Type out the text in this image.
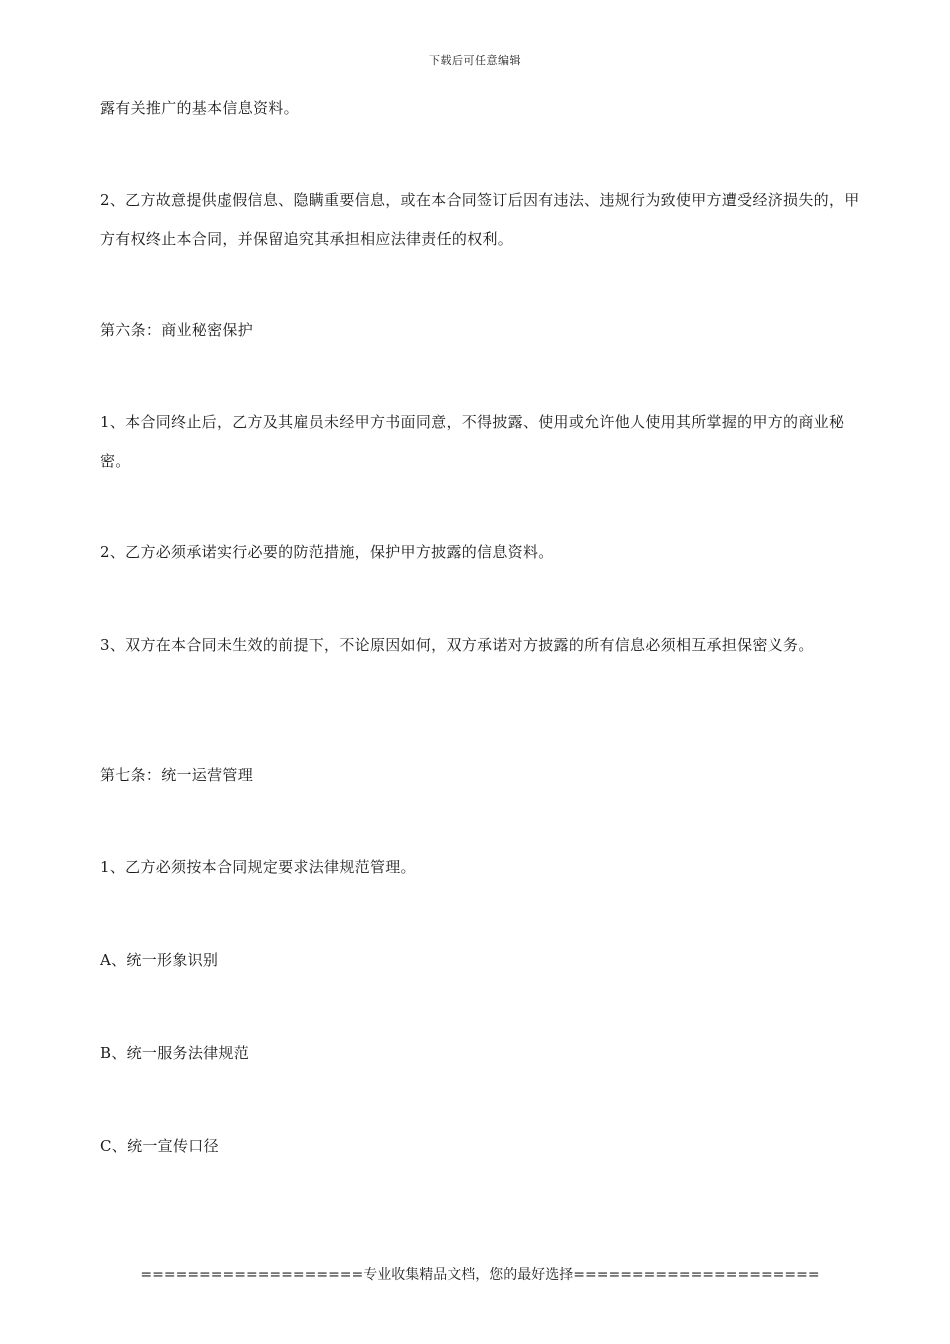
下载后可任意编辑

露有关推广的基本信息资料。

2、乙方故意提供虚假信息、隐瞒重要信息，或在本合同签订后因有违法、违规行为致使甲方遭受经济损失的，甲方有权终止本合同，并保留追究其承担相应法律责任的权利。

第六条：商业秘密保护

1、本合同终止后，乙方及其雇员未经甲方书面同意，不得披露、使用或允许他人使用其所掌握的甲方的商业秘密。

2、乙方必须承诺实行必要的防范措施，保护甲方披露的信息资料。

3、双方在本合同未生效的前提下，不论原因如何，双方承诺对方披露的所有信息必须相互承担保密义务。

第七条：统一运营管理

1、乙方必须按本合同规定要求法律规范管理。

A、统一形象识别

B、统一服务法律规范

C、统一宣传口径

===================专业收集精品文档，您的最好选择=====================
